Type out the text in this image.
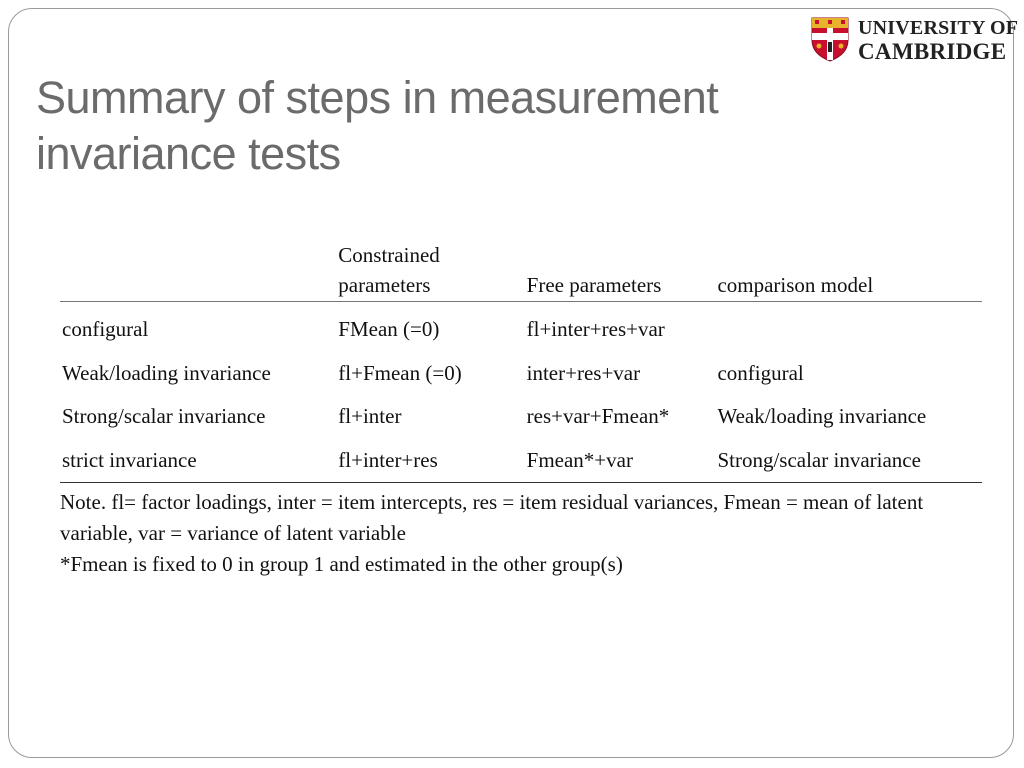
UNIVERSITY OF
CAMBRIDGE
Summary of steps in measurement invariance tests
	Constrained parameters	Free parameters	comparison model
configural	FMean (=0)	fl+inter+res+var	
Weak/loading invariance	fl+Fmean (=0)	inter+res+var	configural
Strong/scalar invariance	fl+inter	res+var+Fmean*	Weak/loading invariance
strict invariance	fl+inter+res	Fmean*+var	Strong/scalar invariance

Note. fl= factor loadings, inter = item intercepts, res = item residual variances, Fmean = mean of latent variable, var = variance of latent variable

*Fmean is fixed to 0 in group 1 and estimated in the other group(s)
